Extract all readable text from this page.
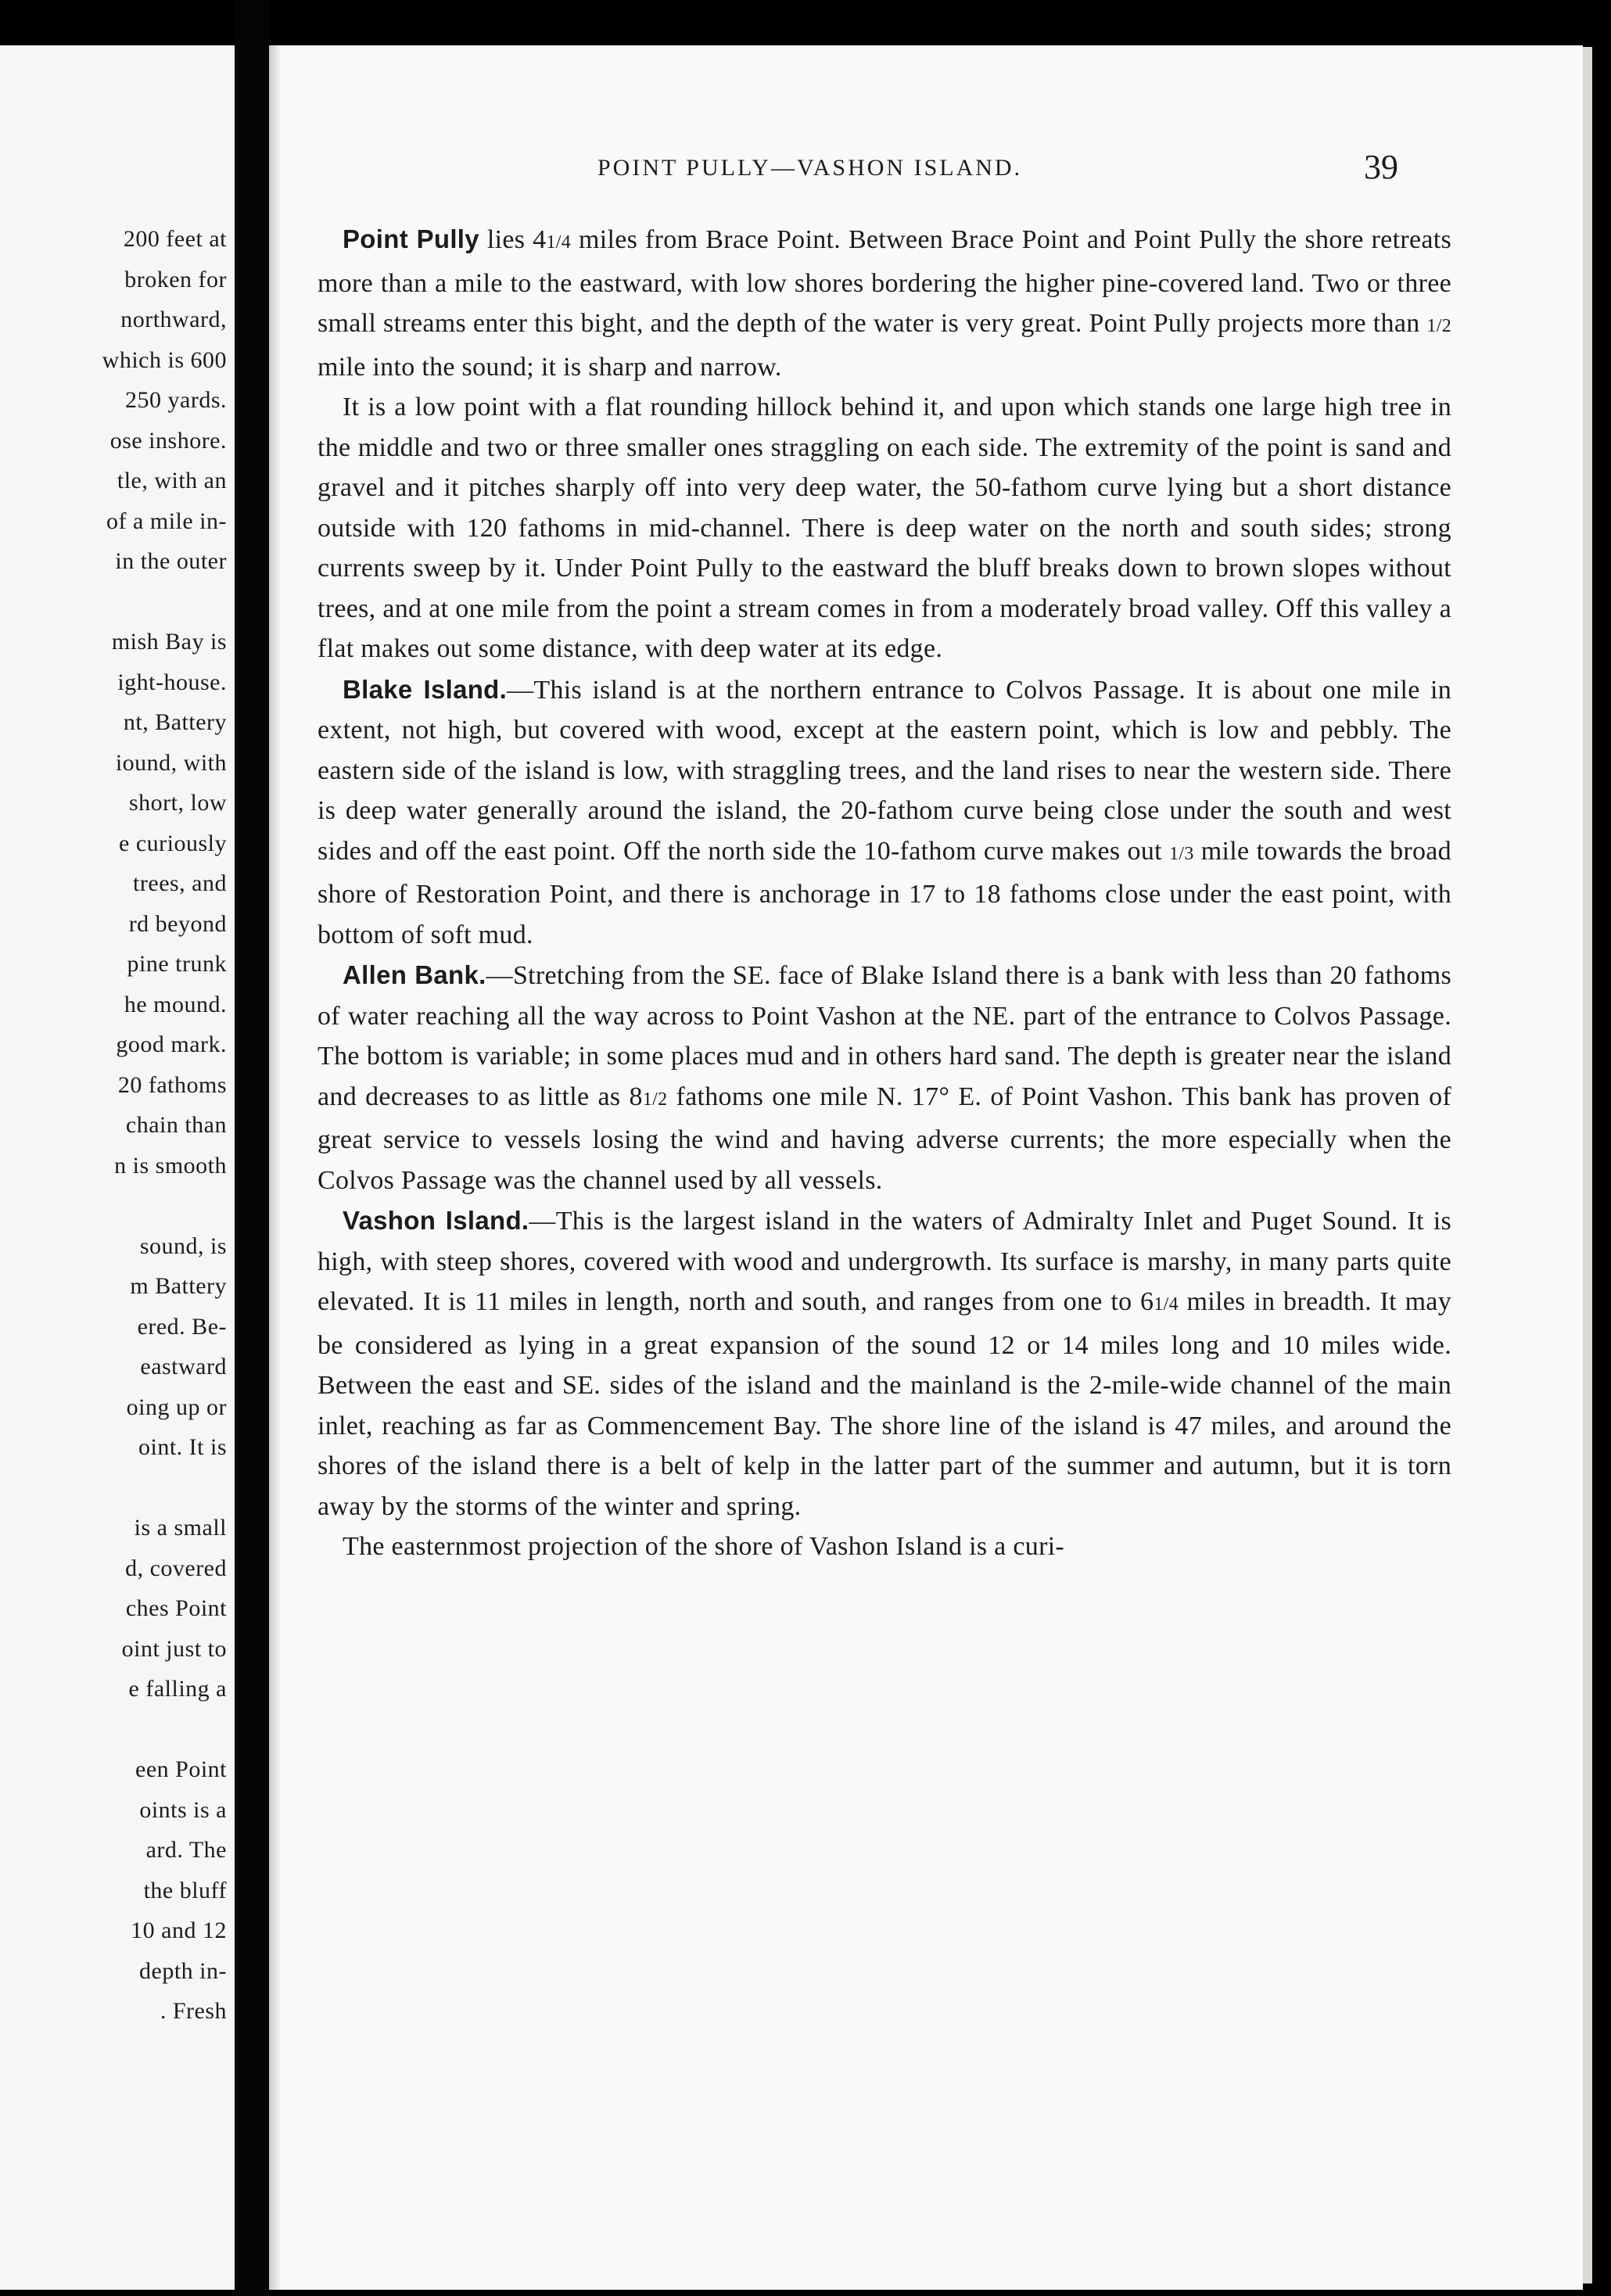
200 feet at
broken for
northward,
which is 600
250 yards.
ose inshore.
tle, with an
of a mile in-
in the outer
mish Bay is
ight-house.
nt, Battery
iound, with
short, low
e curiously
trees, and
rd beyond
pine trunk
he mound.
good mark.
20 fathoms
chain than
n is smooth
sound, is
m Battery
ered. Be-
eastward
oing up or
oint. It is
is a small
d, covered
ches Point
oint just to
e falling a
een Point
oints is a
ard. The
the bluff
10 and 12
depth in-
. Fresh
POINT PULLY—VASHON ISLAND.	39

Point Pully lies 41/4 miles from Brace Point. Between Brace Point and Point Pully the shore retreats more than a mile to the eastward, with low shores bordering the higher pine-covered land. Two or three small streams enter this bight, and the depth of the water is very great. Point Pully projects more than 1/2 mile into the sound; it is sharp and narrow.

It is a low point with a flat rounding hillock behind it, and upon which stands one large high tree in the middle and two or three smaller ones straggling on each side. The extremity of the point is sand and gravel and it pitches sharply off into very deep water, the 50-fathom curve lying but a short distance outside with 120 fathoms in mid-channel. There is deep water on the north and south sides; strong currents sweep by it. Under Point Pully to the eastward the bluff breaks down to brown slopes without trees, and at one mile from the point a stream comes in from a moderately broad valley. Off this valley a flat makes out some distance, with deep water at its edge.

Blake Island.—This island is at the northern entrance to Colvos Passage. It is about one mile in extent, not high, but covered with wood, except at the eastern point, which is low and pebbly. The eastern side of the island is low, with straggling trees, and the land rises to near the western side. There is deep water generally around the island, the 20-fathom curve being close under the south and west sides and off the east point. Off the north side the 10-fathom curve makes out 1/3 mile towards the broad shore of Restoration Point, and there is anchorage in 17 to 18 fathoms close under the east point, with bottom of soft mud.

Allen Bank.—Stretching from the SE. face of Blake Island there is a bank with less than 20 fathoms of water reaching all the way across to Point Vashon at the NE. part of the entrance to Colvos Passage. The bottom is variable; in some places mud and in others hard sand. The depth is greater near the island and decreases to as little as 81/2 fathoms one mile N. 17° E. of Point Vashon. This bank has proven of great service to vessels losing the wind and having adverse currents; the more especially when the Colvos Passage was the channel used by all vessels.

Vashon Island.—This is the largest island in the waters of Admiralty Inlet and Puget Sound. It is high, with steep shores, covered with wood and undergrowth. Its surface is marshy, in many parts quite elevated. It is 11 miles in length, north and south, and ranges from one to 61/4 miles in breadth. It may be considered as lying in a great expansion of the sound 12 or 14 miles long and 10 miles wide. Between the east and SE. sides of the island and the mainland is the 2-mile-wide channel of the main inlet, reaching as far as Commencement Bay. The shore line of the island is 47 miles, and around the shores of the island there is a belt of kelp in the latter part of the summer and autumn, but it is torn away by the storms of the winter and spring.

The easternmost projection of the shore of Vashon Island is a curi-
